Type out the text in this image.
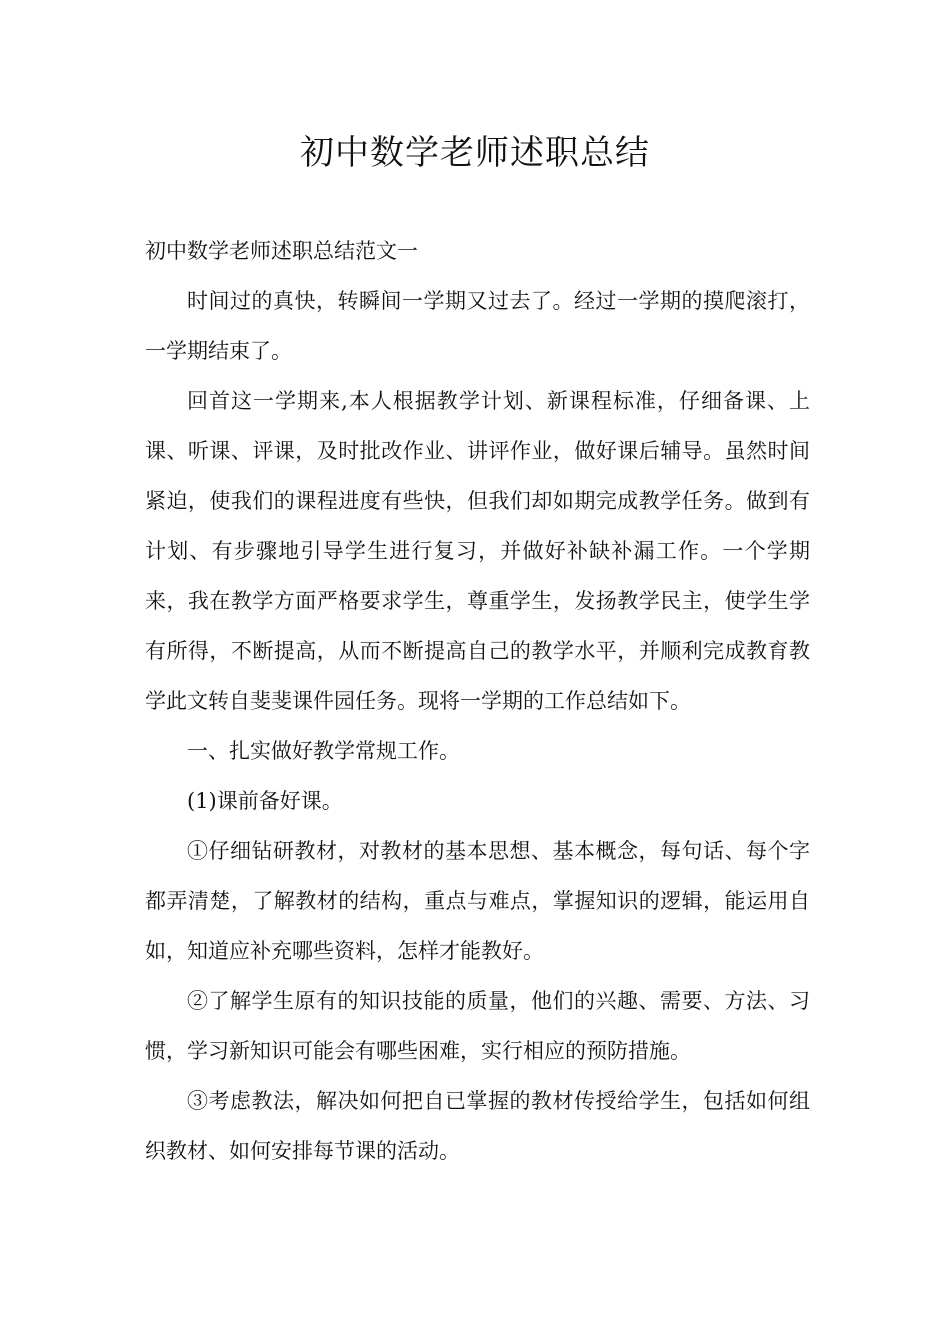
初中数学老师述职总结

初中数学老师述职总结范文一

时间过的真快，转瞬间一学期又过去了。经过一学期的摸爬滚打，一学期结束了。

回首这一学期来,本人根据教学计划、新课程标准，仔细备课、上课、听课、评课，及时批改作业、讲评作业，做好课后辅导。虽然时间紧迫，使我们的课程进度有些快，但我们却如期完成教学任务。做到有计划、有步骤地引导学生进行复习，并做好补缺补漏工作。一个学期来，我在教学方面严格要求学生，尊重学生，发扬教学民主，使学生学有所得，不断提高，从而不断提高自己的教学水平，并顺利完成教育教学此文转自斐斐课件园任务。现将一学期的工作总结如下。

一、扎实做好教学常规工作。

(1)课前备好课。

①仔细钻研教材，对教材的基本思想、基本概念，每句话、每个字都弄清楚，了解教材的结构，重点与难点，掌握知识的逻辑，能运用自如，知道应补充哪些资料，怎样才能教好。

②了解学生原有的知识技能的质量，他们的兴趣、需要、方法、习惯，学习新知识可能会有哪些困难，实行相应的预防措施。

③考虑教法，解决如何把自已掌握的教材传授给学生，包括如何组织教材、如何安排每节课的活动。
